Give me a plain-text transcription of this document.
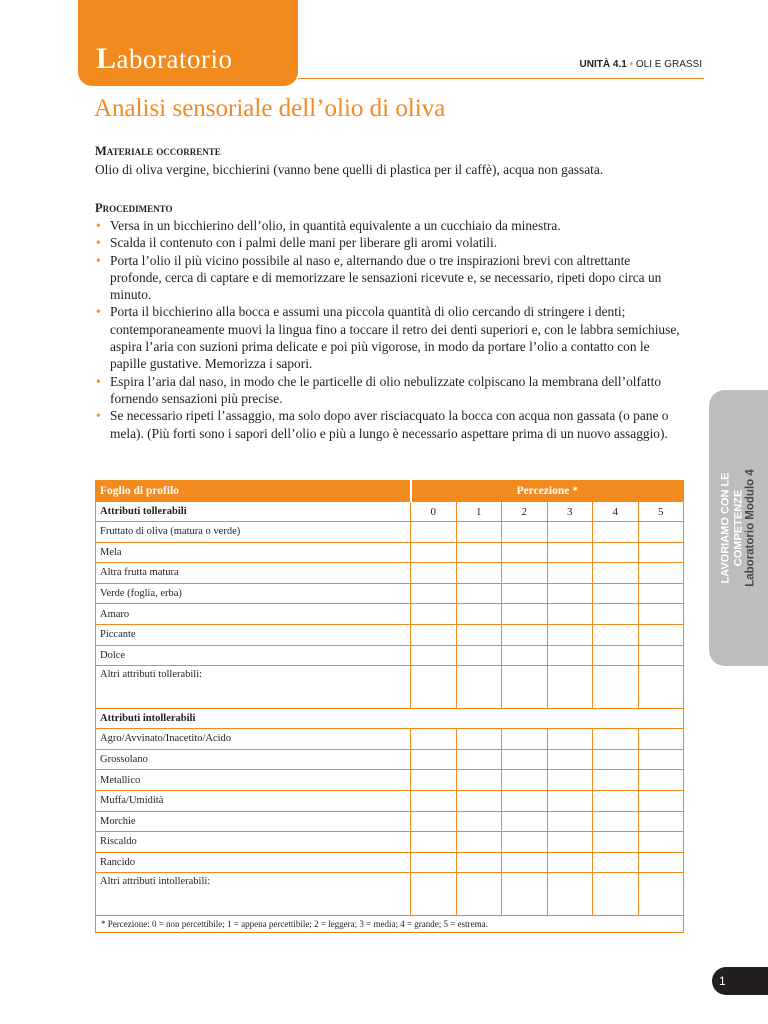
Laboratorio	UNITÀ 4.1 • OLI E GRASSI
Analisi sensoriale dell’olio di oliva
Materiale occorrente

Olio di oliva vergine, bicchierini (vanno bene quelli di plastica per il caffè), acqua non gassata.

Procedimento
• Versa in un bicchierino dell’olio, in quantità equivalente a un cucchiaio da minestra.
• Scalda il contenuto con i palmi delle mani per liberare gli aromi volatili.
• Porta l’olio il più vicino possibile al naso e, alternando due o tre inspirazioni brevi con altrettante profonde, cerca di captare e di memorizzare le sensazioni ricevute e, se necessario, ripeti dopo circa un minuto.
• Porta il bicchierino alla bocca e assumi una piccola quantità di olio cercando di stringere i denti; contemporaneamente muovi la lingua fino a toccare il retro dei denti superiori e, con le labbra semichiuse, aspira l’aria con suzioni prima delicate e poi più vigorose, in modo da portare l’olio a contatto con le papille gustative. Memorizza i sapori.
• Espira l’aria dal naso, in modo che le particelle di olio nebulizzate colpiscano la membrana dell’olfatto fornendo sensazioni più precise.
• Se necessario ripeti l’assaggio, ma solo dopo aver risciacquato la bocca con acqua non gassata (o pane o mela). (Più forti sono i sapori dell’olio e più a lungo è necessario aspettare prima di un nuovo assaggio).
Foglio di profilo	Percezione *					
Attributi tollerabili	0	1	2	3	4	5
Fruttato di oliva (matura o verde)						
Mela						
Altra frutta matura						
Verde (foglia, erba)						
Amaro						
Piccante						
Dolce						
Altri attributi tollerabili:						
Attributi intollerabili						
Agro/Avvinato/Inacetito/Acido						
Grossolano						
Metallico						
Muffa/Umidità						
Morchie						
Riscaldo						
Rancido						
Altri attributi intollerabili:						
* Percezione: 0 = non percettibile; 1 = appena percettibile; 2 = leggera; 3 = media; 4 = grande; 5 = estrema.						
LAVORIAMO CON LE COMPETENZE Laboratorio Modulo 4
1
